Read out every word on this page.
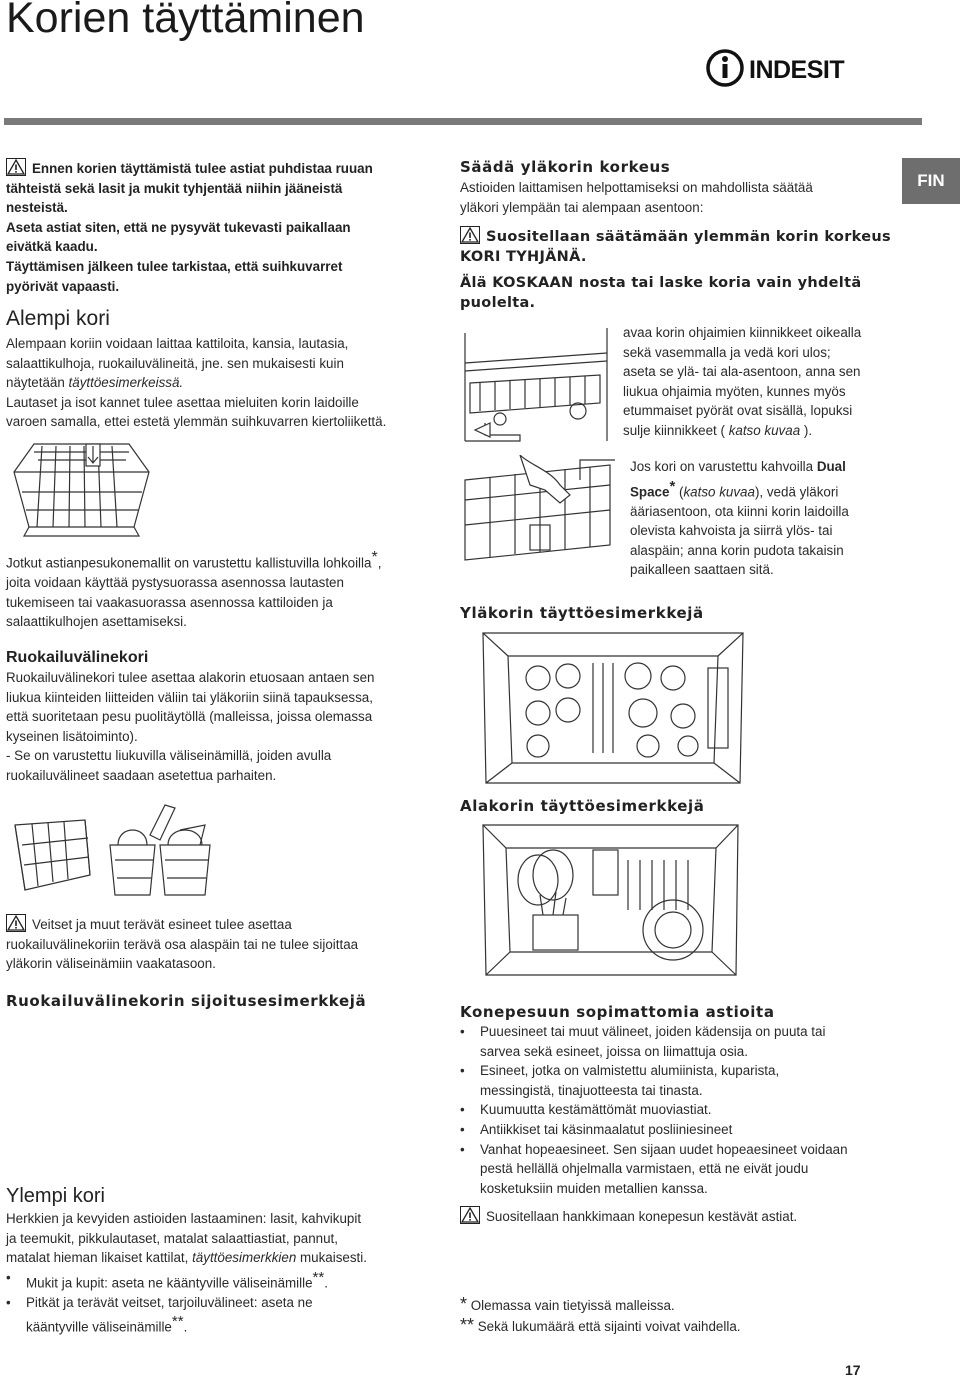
Korien täyttäminen
INDESIT
FIN
Ennen korien täyttämistä tulee astiat puhdistaa ruuan
tähteistä sekä lasit ja mukit tyhjentää niihin jääneistä
nesteistä.
Aseta astiat siten, että ne pysyvät tukevasti paikallaan
eivätkä kaadu.
Täyttämisen jälkeen tulee tarkistaa, että suihkuvarret
pyörivät vapaasti.
Alempi kori
Alempaan koriin voidaan laittaa kattiloita, kansia, lautasia,
salaattikulhoja, ruokailuvälineitä, jne. sen mukaisesti kuin
näytetään täyttöesimerkeissä.
Lautaset ja isot kannet tulee asettaa mieluiten korin laidoille
varoen samalla, ettei estetä ylemmän suihkuvarren kiertoliikettä.
Jotkut astianpesukonemallit on varustettu kallistuvilla lohkoilla*,
joita voidaan käyttää pystysuorassa asennossa lautasten
tukemiseen tai vaakasuorassa asennossa kattiloiden ja
salaattikulhojen asettamiseksi.
Ruokailuvälinekori
Ruokailuvälinekori tulee asettaa alakorin etuosaan antaen sen
liukua kiinteiden liitteiden väliin tai yläkoriin siinä tapauksessa,
että suoritetaan pesu puolitäytöllä (malleissa, joissa olemassa
kyseinen lisätoiminto).
- Se on varustettu liukuvilla väliseinämillä, joiden avulla
ruokailuvälineet saadaan asetettua parhaiten.
Veitset ja muut terävät esineet tulee asettaa
ruokailuvälinekoriin terävä osa alaspäin tai ne tulee sijoittaa
yläkorin väliseinämiin vaakatasoon.
Ruokailuvälinekorin sijoitusesimerkkejä
Ylempi kori
Herkkien ja kevyiden astioiden lastaaminen: lasit, kahvikupit
ja teemukit, pikkulautaset, matalat salaattiastiat, pannut,
matalat hieman likaiset kattilat, täyttöesimerkkien mukaisesti.
• Mukit ja kupit: aseta ne kääntyville väliseinämille**.
• Pitkät ja terävät veitset, tarjoiluvälineet: aseta ne
kääntyville väliseinämille**.
Säädä yläkorin korkeus
Astioiden laittamisen helpottamiseksi on mahdollista säätää
yläkori ylempään tai alempaan asentoon:
Suositellaan säätämään ylemmän korin korkeus
KORI TYHJÄNÄ.
Älä KOSKAAN nosta tai laske koria vain yhdeltä
puolelta.
avaa korin ohjaimien kiinnikkeet oikealla
sekä vasemmalla ja vedä kori ulos;
aseta se ylä- tai ala-asentoon, anna sen
liukua ohjaimia myöten, kunnes myös
etummaiset pyörät ovat sisällä, lopuksi
sulje kiinnikkeet ( katso kuvaa ).
Jos kori on varustettu kahvoilla Dual
Space* (katso kuvaa), vedä yläkori
ääriasentoon, ota kiinni korin laidoilla
olevista kahvoista ja siirrä ylös- tai
alaspäin; anna korin pudota takaisin
paikalleen saattaen sitä.
Yläkorin täyttöesimerkkejä
Alakorin täyttöesimerkkejä
Konepesuun sopimattomia astioita
• Puuesineet tai muut välineet, joiden kädensija on puuta tai
sarvea sekä esineet, joissa on liimattuja osia.
• Esineet, jotka on valmistettu alumiinista, kuparista,
messingistä, tinajuotteesta tai tinasta.
• Kuumuutta kestämättömät muoviastiat.
• Antiikkiset tai käsinmaalatut posliiniesineet
• Vanhat hopeaesineet. Sen sijaan uudet hopeaesineet voidaan
pestä hellällä ohjelmalla varmistaen, että ne eivät joudu
kosketuksiin muiden metallien kanssa.
Suositellaan hankkimaan konepesun kestävät astiat.
* Olemassa vain tietyissä malleissa.
** Sekä lukumäärä että sijainti voivat vaihdella.
17
